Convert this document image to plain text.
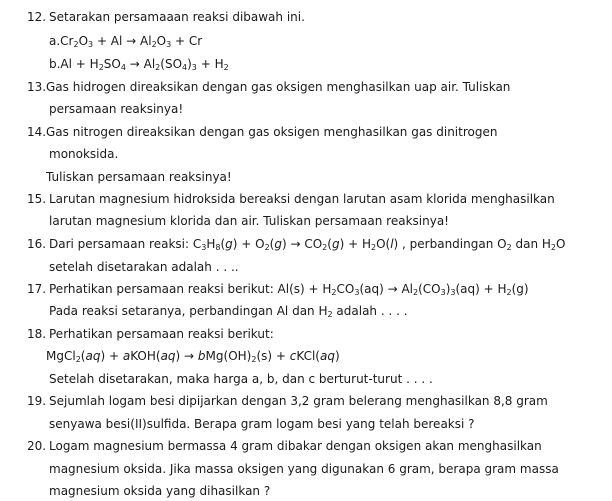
12. Setarakan persamaaan reaksi dibawah ini.
$a.Cr_2O_3 + Al \to Al_2O_3 + Cr$
$b.Al + H_2SO_4 \to Al_2(SO_4)_3 + H_2$
13. Gas hidrogen direaksikan dengan gas oksigen menghasilkan uap air. Tuliskan
persamaan reaksinya!
14. Gas nitrogen direaksikan dengan gas oksigen menghasilkan gas dinitrogen
monoksida.
Tuliskan persamaan reaksinya!
15. Larutan magnesium hidroksida bereaksi dengan larutan asam klorida menghasilkan
larutan magnesium klorida dan air. Tuliskan persamaan reaksinya!
16. Dari persamaan reaksi: $C_3H_8(g) + O_2(g) \to CO_2(g) + H_2O(l)$ , perbandingan $O_2$ dan $H_2O$
setelah disetarakan adalah . . ..
17. Perhatikan persamaan reaksi berikut: $Al(s) + H_2CO_3(aq) \to Al_2(CO_3)_3(aq) + H_2(g)$
Pada reaksi setaranya, perbandingan Al dan $H_2$ adalah . . . .
18. Perhatikan persamaan reaksi berikut:
MgCl$_2$(aq) + aKOH(aq) → $bMg(OH)_2(s)$ + cKCl(aq)
Setelah disetarakan, maka harga a, b, dan c berturut-turut . . . .
19. Sejumlah logam besi dipijarkan dengan 3,2 gram belerang menghasilkan 8,8 gram
senyawa besi(II)sulfida. Berapa gram logam besi yang telah bereaksi ?
20. Logam magnesium bermassa 4 gram dibakar dengan oksigen akan menghasilkan
magnesium oksida. Jika massa oksigen yang digunakan 6 gram, berapa gram massa
magnesium oksida yang dihasilkan ?
